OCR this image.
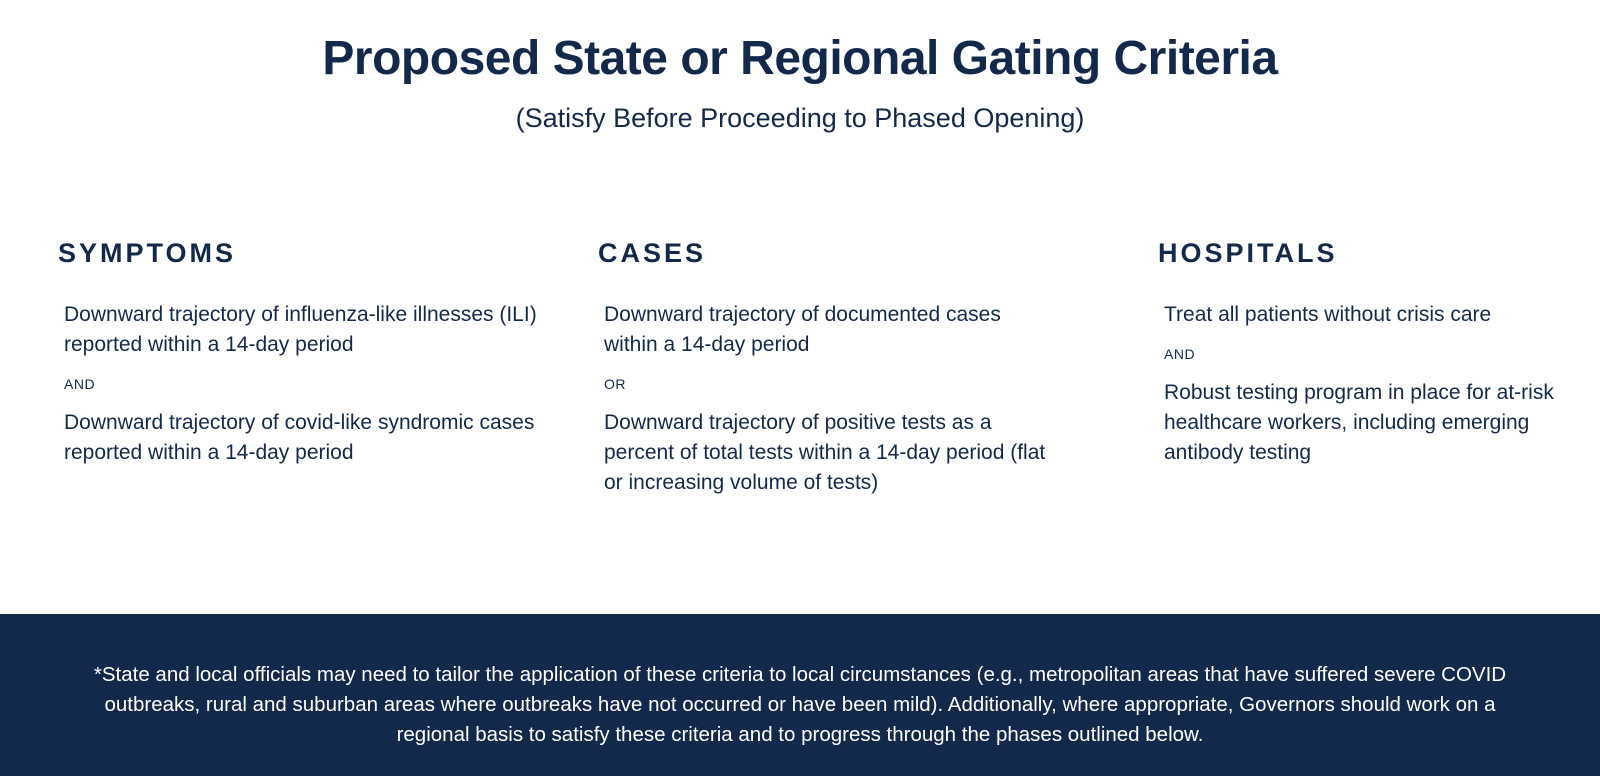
Proposed State or Regional Gating Criteria

(Satisfy Before Proceeding to Phased Opening)

SYMPTOMS

Downward trajectory of influenza-like illnesses (ILI) reported within a 14-day period

AND

Downward trajectory of covid-like syndromic cases reported within a 14-day period

CASES

Downward trajectory of documented cases within a 14-day period

OR

Downward trajectory of positive tests as a percent of total tests within a 14-day period (flat or increasing volume of tests)

HOSPITALS

Treat all patients without crisis care

AND

Robust testing program in place for at-risk healthcare workers, including emerging antibody testing

*State and local officials may need to tailor the application of these criteria to local circumstances (e.g., metropolitan areas that have suffered severe COVID outbreaks, rural and suburban areas where outbreaks have not occurred or have been mild). Additionally, where appropriate, Governors should work on a regional basis to satisfy these criteria and to progress through the phases outlined below.
